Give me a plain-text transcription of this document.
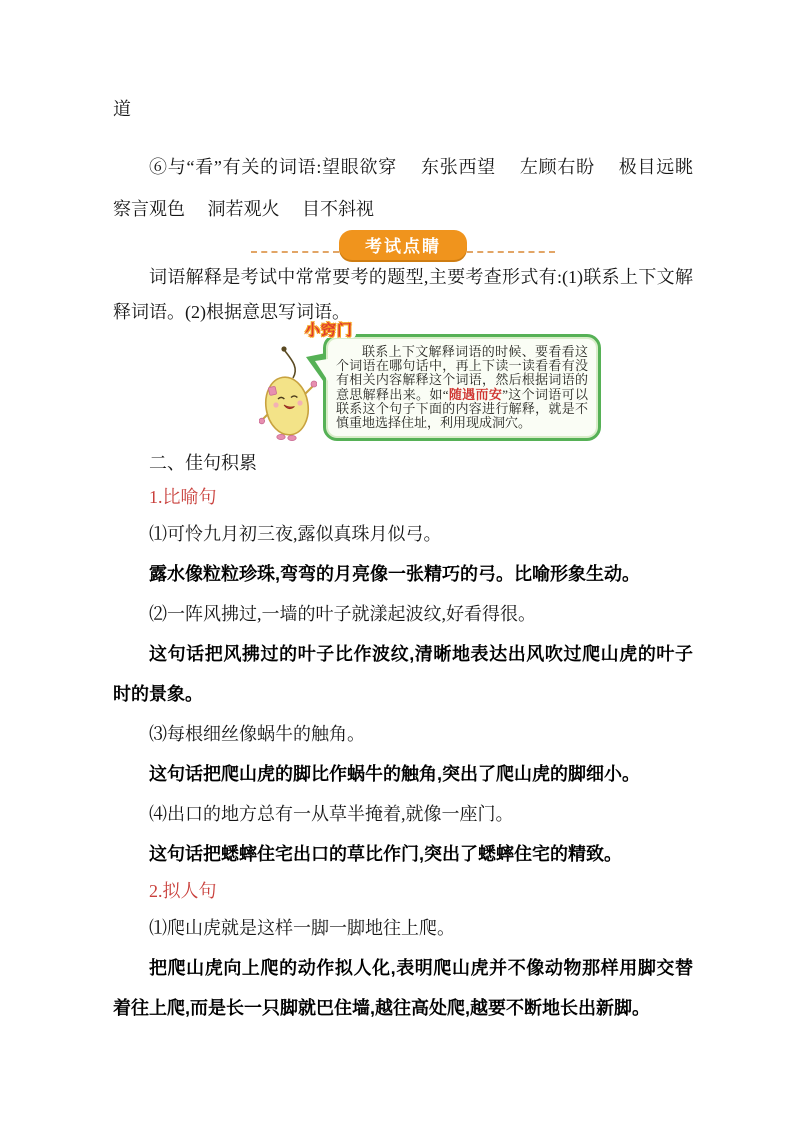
道

⑥与“看”有关的词语:望眼欲穿　 东张西望　 左顾右盼　 极目远眺　 察言观色　 洞若观火　 目不斜视

考试点睛

词语解释是考试中常常要考的题型,主要考查形式有:(1)联系上下文解释词语。(2)根据意思写词语。

小窍门
联系上下文解释词语的时候、要看看这个词语在哪句话中，再上下读一读看看有没有相关内容解释这个词语，然后根据词语的意思解释出来。如“随遇而安”这个词语可以联系这个句子下面的内容进行解释，就是不慎重地选择住址，利用现成洞穴。

二、佳句积累

1.比喻句

⑴可怜九月初三夜,露似真珠月似弓。

露水像粒粒珍珠,弯弯的月亮像一张精巧的弓。比喻形象生动。

⑵一阵风拂过,一墙的叶子就漾起波纹,好看得很。

这句话把风拂过的叶子比作波纹,清晰地表达出风吹过爬山虎的叶子时的景象。

⑶每根细丝像蜗牛的触角。

这句话把爬山虎的脚比作蜗牛的触角,突出了爬山虎的脚细小。

⑷出口的地方总有一从草半掩着,就像一座门。

这句话把蟋蟀住宅出口的草比作门,突出了蟋蟀住宅的精致。

2.拟人句

⑴爬山虎就是这样一脚一脚地往上爬。

把爬山虎向上爬的动作拟人化,表明爬山虎并不像动物那样用脚交替着往上爬,而是长一只脚就巴住墙,越往高处爬,越要不断地长出新脚。
